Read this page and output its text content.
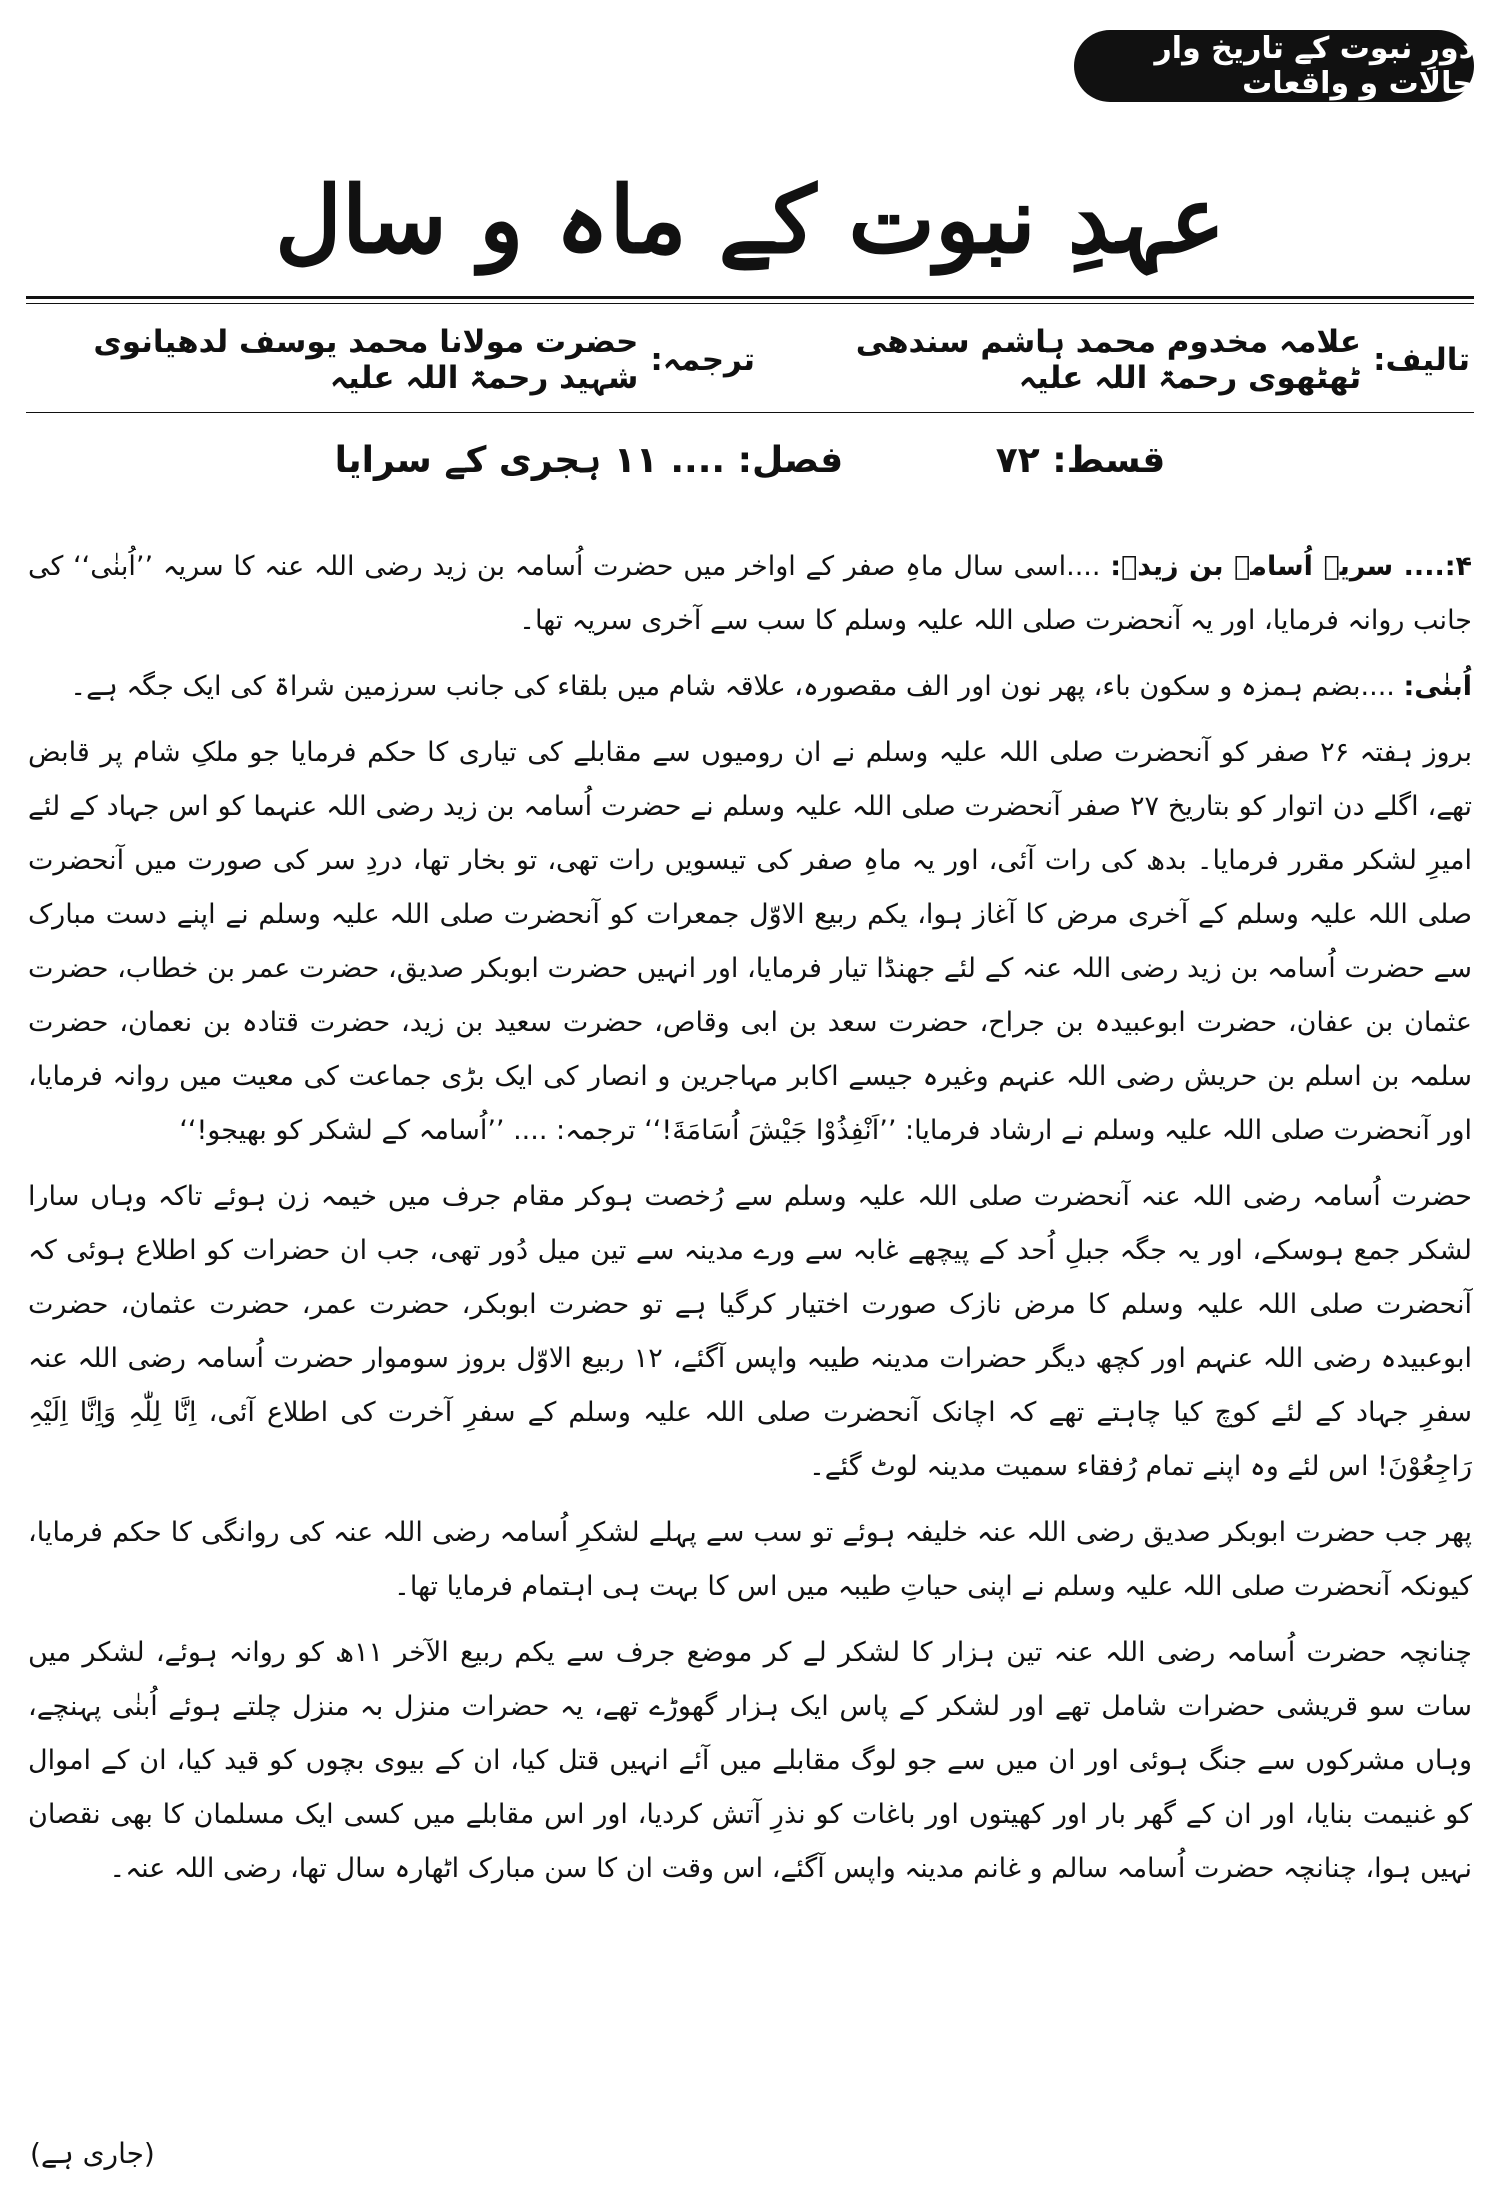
دورِ نبوت کے تاریخ وار حالات و واقعات
عہدِ نبوت کے ماہ و سال
تالیف:
علامہ مخدوم محمد ہاشم سندھی ٹھٹھوی رحمۃ اللہ علیہ
ترجمہ:
حضرت مولانا محمد یوسف لدھیانوی شہید رحمۃ اللہ علیہ
قسط: ۷۲ فصل: .... ۱۱ ہجری کے سرایا

۴:.... سریہ اُسامہ بن زیدؓ: ....اسی سال ماہِ صفر کے اواخر میں حضرت اُسامہ بن زید رضی اللہ عنہ کا سریہ ’’اُبنٰی‘‘ کی جانب روانہ فرمایا، اور یہ آنحضرت صلی اللہ علیہ وسلم کا سب سے آخری سریہ تھا۔

اُبنٰی: ....بضم ہمزہ و سکون باء، پھر نون اور الف مقصورہ، علاقہ شام میں بلقاء کی جانب سرزمین شراۃ کی ایک جگہ ہے۔

بروز ہفتہ ۲۶ صفر کو آنحضرت صلی اللہ علیہ وسلم نے ان رومیوں سے مقابلے کی تیاری کا حکم فرمایا جو ملکِ شام پر قابض تھے، اگلے دن اتوار کو بتاریخ ۲۷ صفر آنحضرت صلی اللہ علیہ وسلم نے حضرت اُسامہ بن زید رضی اللہ عنہما کو اس جہاد کے لئے امیرِ لشکر مقرر فرمایا۔ بدھ کی رات آئی، اور یہ ماہِ صفر کی تیسویں رات تھی، تو بخار تھا، دردِ سر کی صورت میں آنحضرت صلی اللہ علیہ وسلم کے آخری مرض کا آغاز ہوا، یکم ربیع الاوّل جمعرات کو آنحضرت صلی اللہ علیہ وسلم نے اپنے دست مبارک سے حضرت اُسامہ بن زید رضی اللہ عنہ کے لئے جھنڈا تیار فرمایا، اور انہیں حضرت ابوبکر صدیق، حضرت عمر بن خطاب، حضرت عثمان بن عفان، حضرت ابوعبیدہ بن جراح، حضرت سعد بن ابی وقاص، حضرت سعید بن زید، حضرت قتادہ بن نعمان، حضرت سلمہ بن اسلم بن حریش رضی اللہ عنہم وغیرہ جیسے اکابر مہاجرین و انصار کی ایک بڑی جماعت کی معیت میں روانہ فرمایا، اور آنحضرت صلی اللہ علیہ وسلم نے ارشاد فرمایا: ’’اَنْفِذُوْا جَیْشَ اُسَامَةَ!‘‘ ترجمہ: .... ’’اُسامہ کے لشکر کو بھیجو!‘‘

حضرت اُسامہ رضی اللہ عنہ آنحضرت صلی اللہ علیہ وسلم سے رُخصت ہوکر مقام جرف میں خیمہ زن ہوئے تاکہ وہاں سارا لشکر جمع ہوسکے، اور یہ جگہ جبلِ اُحد کے پیچھے غابہ سے ورے مدینہ سے تین میل دُور تھی، جب ان حضرات کو اطلاع ہوئی کہ آنحضرت صلی اللہ علیہ وسلم کا مرض نازک صورت اختیار کرگیا ہے تو حضرت ابوبکر، حضرت عمر، حضرت عثمان، حضرت ابوعبیدہ رضی اللہ عنہم اور کچھ دیگر حضرات مدینہ طیبہ واپس آگئے، ۱۲ ربیع الاوّل بروز سوموار حضرت اُسامہ رضی اللہ عنہ سفرِ جہاد کے لئے کوچ کیا چاہتے تھے کہ اچانک آنحضرت صلی اللہ علیہ وسلم کے سفرِ آخرت کی اطلاع آئی، اِنَّا لِلّٰہِ وَاِنَّا اِلَیْہِ رَاجِعُوْنَ! اس لئے وہ اپنے تمام رُفقاء سمیت مدینہ لوٹ گئے۔

پھر جب حضرت ابوبکر صدیق رضی اللہ عنہ خلیفہ ہوئے تو سب سے پہلے لشکرِ اُسامہ رضی اللہ عنہ کی روانگی کا حکم فرمایا، کیونکہ آنحضرت صلی اللہ علیہ وسلم نے اپنی حیاتِ طیبہ میں اس کا بہت ہی اہتمام فرمایا تھا۔

چنانچہ حضرت اُسامہ رضی اللہ عنہ تین ہزار کا لشکر لے کر موضع جرف سے یکم ربیع الآخر ۱۱ھ کو روانہ ہوئے، لشکر میں سات سو قریشی حضرات شامل تھے اور لشکر کے پاس ایک ہزار گھوڑے تھے، یہ حضرات منزل بہ منزل چلتے ہوئے اُبنٰی پہنچے، وہاں مشرکوں سے جنگ ہوئی اور ان میں سے جو لوگ مقابلے میں آئے انہیں قتل کیا، ان کے بیوی بچوں کو قید کیا، ان کے اموال کو غنیمت بنایا، اور ان کے گھر بار اور کھیتوں اور باغات کو نذرِ آتش کردیا، اور اس مقابلے میں کسی ایک مسلمان کا بھی نقصان نہیں ہوا، چنانچہ حضرت اُسامہ سالم و غانم مدینہ واپس آگئے، اس وقت ان کا سن مبارک اٹھارہ سال تھا، رضی اللہ عنہ۔

(جاری ہے)
